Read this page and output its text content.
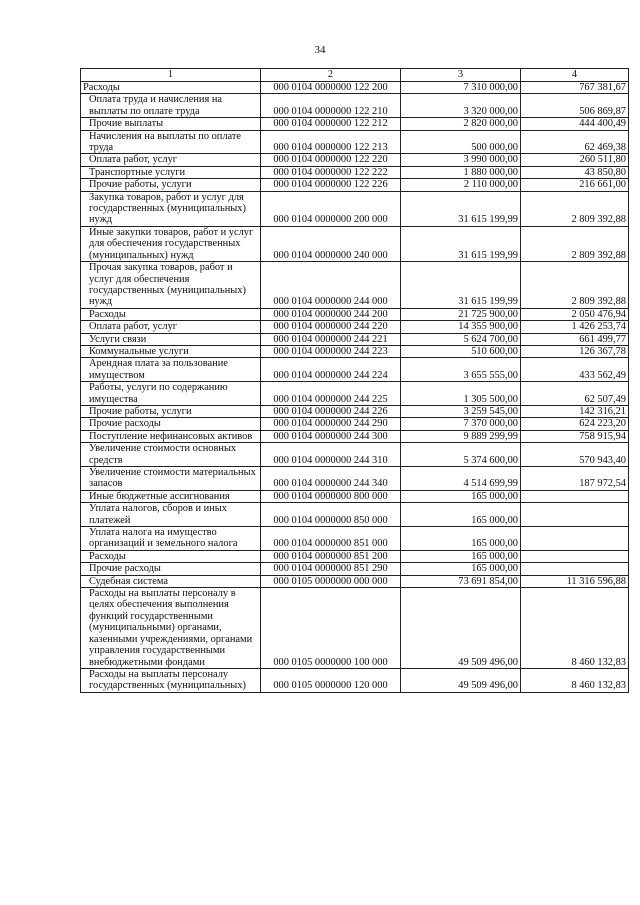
34
1	2	3	4
Расходы	000 0104 0000000 122 200	7 310 000,00	767 381,67
Оплата труда и начисления на выплаты по оплате труда	000 0104 0000000 122 210	3 320 000,00	506 869,87
Прочие выплаты	000 0104 0000000 122 212	2 820 000,00	444 400,49
Начисления на выплаты по оплате труда	000 0104 0000000 122 213	500 000,00	62 469,38
Оплата работ, услуг	000 0104 0000000 122 220	3 990 000,00	260 511,80
Транспортные услуги	000 0104 0000000 122 222	1 880 000,00	43 850,80
Прочие работы, услуги	000 0104 0000000 122 226	2 110 000,00	216 661,00
Закупка товаров, работ и услуг для государственных (муниципальных) нужд	000 0104 0000000 200 000	31 615 199,99	2 809 392,88
Иные закупки товаров, работ и услуг для обеспечения государственных (муниципальных) нужд	000 0104 0000000 240 000	31 615 199,99	2 809 392,88
Прочая закупка товаров, работ и услуг для обеспечения государственных (муниципальных) нужд	000 0104 0000000 244 000	31 615 199,99	2 809 392,88
Расходы	000 0104 0000000 244 200	21 725 900,00	2 050 476,94
Оплата работ, услуг	000 0104 0000000 244 220	14 355 900,00	1 426 253,74
Услуги связи	000 0104 0000000 244 221	5 624 700,00	661 499,77
Коммунальные услуги	000 0104 0000000 244 223	510 600,00	126 367,78
Арендная плата за пользование имуществом	000 0104 0000000 244 224	3 655 555,00	433 562,49
Работы, услуги по содержанию имущества	000 0104 0000000 244 225	1 305 500,00	62 507,49
Прочие работы, услуги	000 0104 0000000 244 226	3 259 545,00	142 316,21
Прочие расходы	000 0104 0000000 244 290	7 370 000,00	624 223,20
Поступление нефинансовых активов	000 0104 0000000 244 300	9 889 299,99	758 915,94
Увеличение стоимости основных средств	000 0104 0000000 244 310	5 374 600,00	570 943,40
Увеличение стоимости материальных запасов	000 0104 0000000 244 340	4 514 699,99	187 972,54
Иные бюджетные ассигнования	000 0104 0000000 800 000	165 000,00	
Уплата налогов, сборов и иных платежей	000 0104 0000000 850 000	165 000,00	
Уплата налога на имущество организаций и земельного налога	000 0104 0000000 851 000	165 000,00	
Расходы	000 0104 0000000 851 200	165 000,00	
Прочие расходы	000 0104 0000000 851 290	165 000,00	
Судебная система	000 0105 0000000 000 000	73 691 854,00	11 316 596,88
Расходы на выплаты персоналу в целях обеспечения выполнения функций государственными (муниципальными) органами, казенными учреждениями, органами управления государственными внебюджетными фондами	000 0105 0000000 100 000	49 509 496,00	8 460 132,83
Расходы на выплаты персоналу государственных (муниципальных)	000 0105 0000000 120 000	49 509 496,00	8 460 132,83
